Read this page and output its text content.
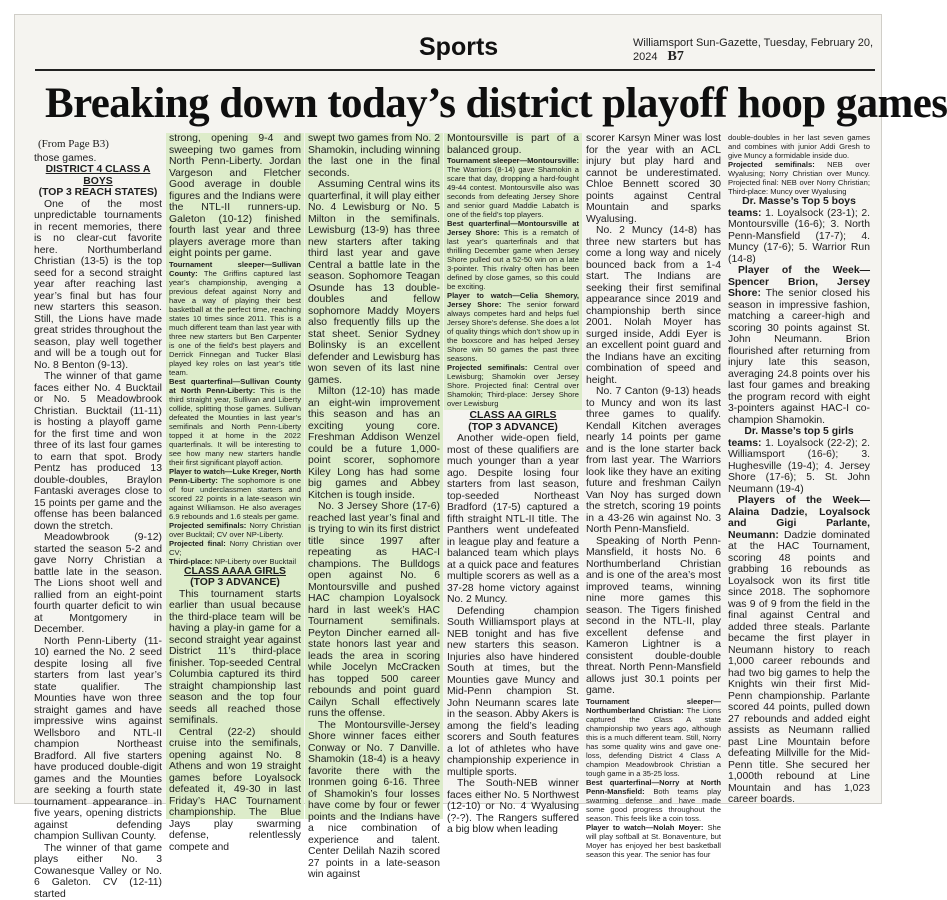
Sports	Williamsport Sun-Gazette, Tuesday, February 20, 2024 B7
Breaking down today’s district playoff hoop games

(From Page B3)

those games.

DISTRICT 4 CLASS A BOYS

(TOP 3 REACH STATES)

One of the most unpredictable tournaments in recent memories, there is no clear-cut favorite here. Northumberland Christian (13-5) is the top seed for a second straight year after reaching last year’s final but has four new starters this season. Still, the Lions have made great strides throughout the season, play well together and will be a tough out for No. 8 Benton (9-13).

The winner of that game faces either No. 4 Bucktail or No. 5 Meadowbrook Christian. Bucktail (11-11) is hosting a playoff game for the first time and won three of its last four games to earn that spot. Brody Pentz has produced 13 double-doubles, Braylon Fantaski averages close to 15 points per game and the offense has been balanced down the stretch.

Meadowbrook (9-12) started the season 5-2 and gave Norry Christian a battle late in the season. The Lions shoot well and rallied from an eight-point fourth quarter deficit to win at Montgomery in December.

North Penn-Liberty (11-10) earned the No. 2 seed despite losing all five starters from last year’s state qualifier. The Mounties have won three straight games and have impressive wins against Wellsboro and NTL-II champion Northeast Bradford. All five starters have produced double-digit games and the Mounties are seeking a fourth state tournament appearance in five years, opening districts against defending champion Sullivan County.

The winner of that game plays either No. 3 Cowanesque Valley or No. 6 Galeton. CV (12-11) started

strong, opening 9-4 and sweeping two games from North Penn-Liberty. Jordan Vargeson and Fletcher Good average in double figures and the Indians were the NTL-II runners-up. Galeton (10-12) finished fourth last year and three players average more than eight points per game.

Tournament sleeper—Sullivan County: The Griffins captured last year’s championship, avenging a previous defeat against Norry and have a way of playing their best basketball at the perfect time, reaching states 10 times since 2011. This is a much different team than last year with three new starters but Ben Carpenter is one of the field’s best players and Derrick Finnegan and Tucker Blasi played key roles on last year’s title team.

Best quarterfinal—Sullivan County at North Penn-Liberty: This is the third straight year, Sullivan and Liberty collide, splitting those games. Sullivan defeated the Mounties in last year’s semifinals and North Penn-Liberty topped it at home in the 2022 quarterfinals. It will be interesting to see how many new starters handle their first significant playoff action.

Player to watch—Luke Kreger, North Penn-Liberty: The sophomore is one of four underclassmen starters and scored 22 points in a late-season win against Williamson. He also averages 6.9 rebounds and 1.6 steals per game.

Projected semifinals: Norry Christian over Bucktail; CV over NP-Liberty.

Projected final: Norry Christian over CV;

Third-place: NP-Liberty over Bucktail

CLASS AAAA GIRLS

(TOP 3 ADVANCE)

This tournament starts earlier than usual because the third-place team will be having a play-in game for a second straight year against District 11’s third-place finisher. Top-seeded Central Columbia captured its third straight championship last season and the top four seeds all reached those semifinals.

Central (22-2) should cruise into the semifinals, opening against No. 8 Athens and won 19 straight games before Loyalsock defeated it, 49-30 in last Friday’s HAC Tournament championship. The Blue Jays play swarming defense, relentlessly compete and

swept two games from No. 2 Shamokin, including winning the last one in the final seconds.

Assuming Central wins its quarterfinal, it will play either No. 4 Lewisburg or No. 5 Milton in the semifinals. Lewisburg (13-9) has three new starters after taking third last year and gave Central a battle late in the season. Sophomore Teagan Osunde has 13 double-doubles and fellow sophomore Maddy Moyers also frequently fills up the stat sheet. Senior Sydney Bolinsky is an excellent defender and Lewisburg has won seven of its last nine games.

Milton (12-10) has made an eight-win improvement this season and has an exciting young core. Freshman Addison Wenzel could be a future 1,000-point scorer, sophomore Kiley Long has had some big games and Abbey Kitchen is tough inside.

No. 3 Jersey Shore (17-6) reached last year’s final and is trying to win its first district title since 1997 after repeating as HAC-I champions. The Bulldogs open against No. 6 Montoursville and pushed HAC champion Loyalsock hard in last week’s HAC Tournament semifinals. Peyton Dincher earned all-state honors last year and leads the area in scoring while Jocelyn McCracken has topped 500 career rebounds and point guard Cailyn Schall effectively runs the offense.

The Montoursville-Jersey Shore winner faces either Conway or No. 7 Danville. Shamokin (18-4) is a heavy favorite there with the Ironmen going 6-16. Three of Shamokin’s four losses have come by four or fewer points and the Indians have a nice combination of experience and talent. Center Delilah Nazih scored 27 points in a late-season win against

Montoursville is part of a balanced group.

Tournament sleeper—Montoursville: The Warriors (8-14) gave Shamokin a scare that day, dropping a hard-fought 49-44 contest. Montoursville also was seconds from defeating Jersey Shore and senior guard Maddie Labatch is one of the field’s top players.

Best quarterfinal—Montoursville at Jersey Shore: This is a rematch of last year’s quarterfinals and that thrilling December game when Jersey Shore pulled out a 52-50 win on a late 3-pointer. This rivalry often has been defined by close games, so this could be exciting.

Player to watch—Celia Shemory, Jersey Shore: The senior forward always competes hard and helps fuel Jersey Shore’s defense. She does a lot of quality things which don’t show up in the boxscore and has helped Jersey Shore win 50 games the past three seasons.

Projected semifinals: Central over Lewisburg; Shamokin over Jersey Shore. Projected final: Central over Shamokin; Third-place: Jersey Shore over Lewisburg

CLASS AA GIRLS

(TOP 3 ADVANCE)

Another wide-open field, most of these qualifiers are much younger than a year ago. Despite losing four starters from last season, top-seeded Northeast Bradford (17-5) captured a fifth straight NTL-II title. The Panthers went undefeated in league play and feature a balanced team which plays at a quick pace and features multiple scorers as well as a 37-28 home victory against No. 2 Muncy.

Defending champion South Williamsport plays at NEB tonight and has five new starters this season. Injuries also have hindered South at times, but the Mounties gave Muncy and Mid-Penn champion St. John Neumann scares late in the season. Abby Akers is among the field’s leading scorers and South features a lot of athletes who have championship experience in multiple sports.

The South-NEB winner faces either No. 5 Northwest (12-10) or No. 4 Wyalusing (?-?). The Rangers suffered a big blow when leading

scorer Karsyn Miner was lost for the year with an ACL injury but play hard and cannot be underestimated. Chloe Bennett scored 30 points against Central Mountain and sparks Wyalusing.

No. 2 Muncy (14-8) has three new starters but has come a long way and nicely bounced back from a 1-4 start. The Indians are seeking their first semifinal appearance since 2019 and championship berth since 2001. Nolah Moyer has surged inside, Addi Eyer is an excellent point guard and the Indians have an exciting combination of speed and height.

No. 7 Canton (9-13) heads to Muncy and won its last three games to qualify. Kendall Kitchen averages nearly 14 points per game and is the lone starter back from last year. The Warriors look like they have an exiting future and freshman Cailyn Van Noy has surged down the stretch, scoring 19 points in a 43-26 win against No. 3 North Penn-Mansfield.

Speaking of North Penn-Mansfield, it hosts No. 6 Northumberland Christian and is one of the area’s most improved teams, winning nine more games this season. The Tigers finished second in the NTL-II, play excellent defense and Kameron Lightner is a consistent double-double threat. North Penn-Mansfield allows just 30.1 points per game.

Tournament sleeper—Northumberland Christian: The Lions captured the Class A state championship two years ago, although this is a much different team. Still, Norry has some quality wins and gave one-loss, defending District 4 Class A champion Meadowbrook Christian a tough game in a 35-25 loss.

Best quarterfinal—Norry at North Penn-Mansfield: Both teams play swarming defense and have made some good progress throughout the season. This feels like a coin toss.

Player to watch—Nolah Moyer: She will play softball at St. Bonaventure, but Moyer has enjoyed her best basketball season this year. The senior has four

double-doubles in her last seven games and combines with junior Addi Gresh to give Muncy a formidable inside duo.

Projected semifinals: NEB over Wyalusing; Norry Christian over Muncy. Projected final: NEB over Norry Christian; Third-place: Muncy over Wyalusing

Dr. Masse’s Top 5 boys

teams: 1. Loyalsock (23-1); 2. Montoursville (16-6); 3. North Penn-Mansfield (17-7); 4. Muncy (17-6); 5. Warrior Run (14-8)

Player of the Week— Spencer Brion, Jersey Shore: The senior closed his season in impressive fashion, matching a career-high and scoring 30 points against St. John Neumann. Brion flourished after returning from injury late this season, averaging 24.8 points over his last four games and breaking the program record with eight 3-pointers against HAC-I co-champion Shamokin.

Dr. Masse’s top 5 girls

teams: 1. Loyalsock (22-2); 2. Williamsport (16-6); 3. Hughesville (19-4); 4. Jersey Shore (17-6); 5. St. John Neumann (19-4)

Players of the Week— Alaina Dadzie, Loyalsock and Gigi Parlante, Neumann: Dadzie dominated at the HAC Tournament, scoring 48 points and grabbing 16 rebounds as Loyalsock won its first title since 2018. The sophomore was 9 of 9 from the field in the final against Central and added three steals. Parlante became the first player in Neumann history to reach 1,000 career rebounds and had two big games to help the Knights win their first Mid-Penn championship. Parlante scored 44 points, pulled down 27 rebounds and added eight assists as Neumann rallied past Line Mountain before defeating Millville for the Mid-Penn title. She secured her 1,000th rebound at Line Mountain and has 1,023 career boards.
